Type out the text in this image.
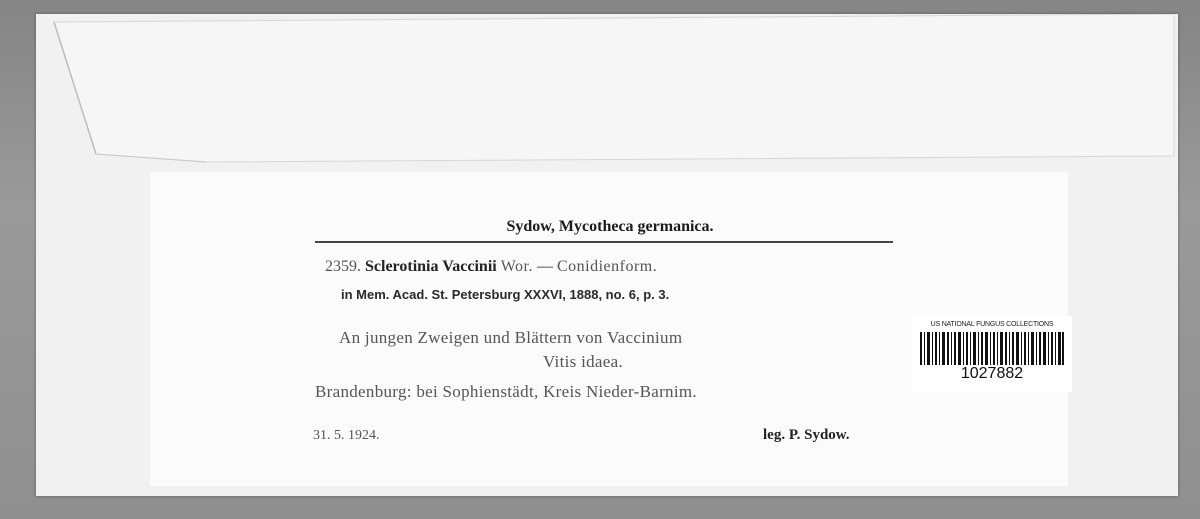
Sydow, Mycotheca germanica.
2359. Sclerotinia Vaccinii Wor. — Conidienform.
in Mem. Acad. St. Petersburg XXXVI, 1888, no. 6, p. 3.
An jungen Zweigen und Blättern von Vaccinium
Vitis idaea.
Brandenburg: bei Sophienstädt, Kreis Nieder-Barnim.
31. 5. 1924.	leg. P. Sydow.
US NATIONAL FUNGUS COLLECTIONS
1027882
